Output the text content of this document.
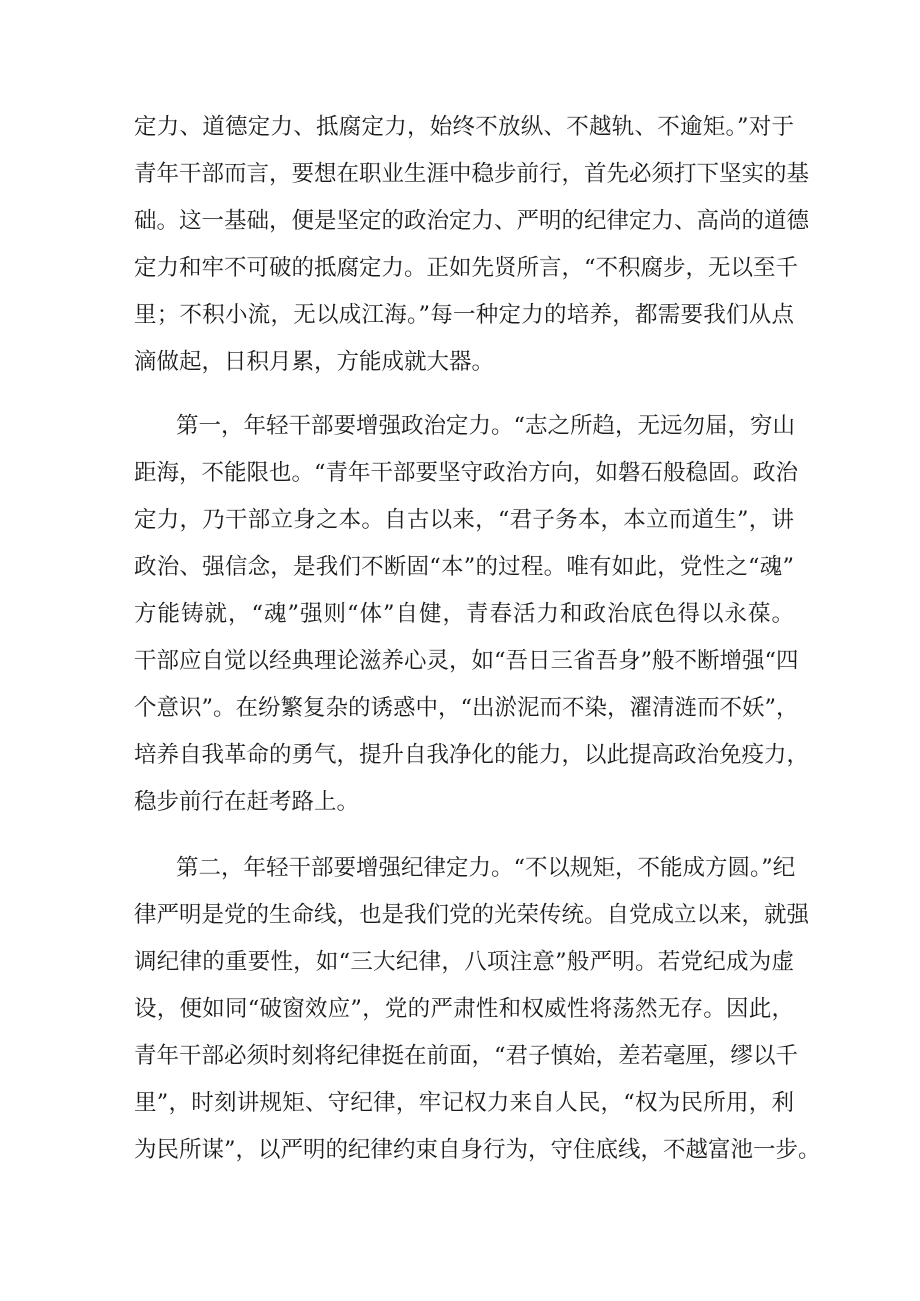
定力、道德定力、抵腐定力，始终不放纵、不越轨、不逾矩。”对于
青年干部而言，要想在职业生涯中稳步前行，首先必须打下坚实的基
础。这一基础，便是坚定的政治定力、严明的纪律定力、高尚的道德
定力和牢不可破的抵腐定力。正如先贤所言，“不积腐步，无以至千
里；不积小流，无以成江海。”每一种定力的培养，都需要我们从点
滴做起，日积月累，方能成就大器。
第一，年轻干部要增强政治定力。“志之所趋，无远勿届，穷山
距海，不能限也。“青年干部要坚守政治方向，如磐石般稳固。政治
定力，乃干部立身之本。自古以来，“君子务本，本立而道生”，讲
政治、强信念，是我们不断固“本”的过程。唯有如此，党性之“魂”
方能铸就，“魂”强则“体”自健，青春活力和政治底色得以永葆。
干部应自觉以经典理论滋养心灵，如“吾日三省吾身”般不断增强“四
个意识”。在纷繁复杂的诱惑中，“出淤泥而不染，濯清涟而不妖”，
培养自我革命的勇气，提升自我净化的能力，以此提高政治免疫力，
稳步前行在赶考路上。
第二，年轻干部要增强纪律定力。“不以规矩，不能成方圆。”纪
律严明是党的生命线，也是我们党的光荣传统。自党成立以来，就强
调纪律的重要性，如“三大纪律，八项注意”般严明。若党纪成为虚
设，便如同“破窗效应”，党的严肃性和权威性将荡然无存。因此，
青年干部必须时刻将纪律挺在前面，“君子慎始，差若毫厘，缪以千
里”，时刻讲规矩、守纪律，牢记权力来自人民，“权为民所用，利
为民所谋”，以严明的纪律约束自身行为，守住底线，不越富池一步。
